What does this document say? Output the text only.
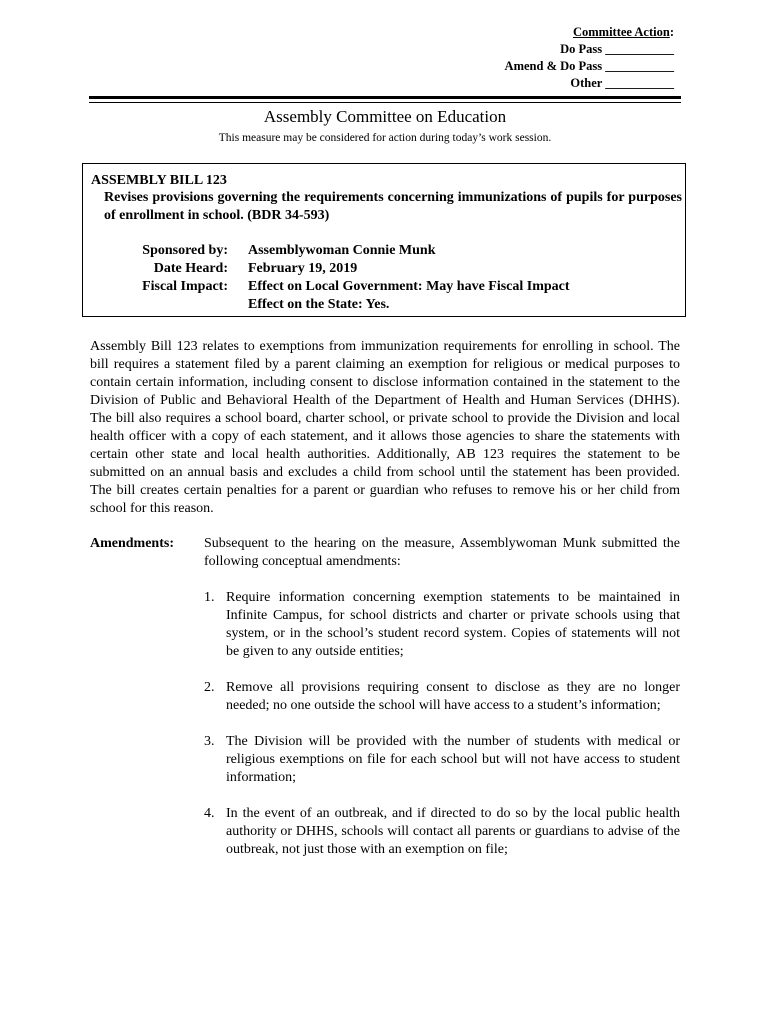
Committee Action:
Do Pass ___________
Amend & Do Pass ___________
Other ___________
Assembly Committee on Education
This measure may be considered for action during today’s work session.
ASSEMBLY BILL 123
Revises provisions governing the requirements concerning immunizations of pupils for purposes of enrollment in school. (BDR 34-593)
Sponsored by: Assemblywoman Connie Munk
Date Heard: February 19, 2019
Fiscal Impact: Effect on Local Government: May have Fiscal Impact
Effect on the State: Yes.

Assembly Bill 123 relates to exemptions from immunization requirements for enrolling in school. The bill requires a statement filed by a parent claiming an exemption for religious or medical purposes to contain certain information, including consent to disclose information contained in the statement to the Division of Public and Behavioral Health of the Department of Health and Human Services (DHHS). The bill also requires a school board, charter school, or private school to provide the Division and local health officer with a copy of each statement, and it allows those agencies to share the statements with certain other state and local health authorities. Additionally, AB 123 requires the statement to be submitted on an annual basis and excludes a child from school until the statement has been provided. The bill creates certain penalties for a parent or guardian who refuses to remove his or her child from school for this reason.

Amendments: Subsequent to the hearing on the measure, Assemblywoman Munk submitted the following conceptual amendments:

1. Require information concerning exemption statements to be maintained in Infinite Campus, for school districts and charter or private schools using that system, or in the school’s student record system. Copies of statements will not be given to any outside entities;
2. Remove all provisions requiring consent to disclose as they are no longer needed; no one outside the school will have access to a student’s information;
3. The Division will be provided with the number of students with medical or religious exemptions on file for each school but will not have access to student information;
4. In the event of an outbreak, and if directed to do so by the local public health authority or DHHS, schools will contact all parents or guardians to advise of the outbreak, not just those with an exemption on file;
